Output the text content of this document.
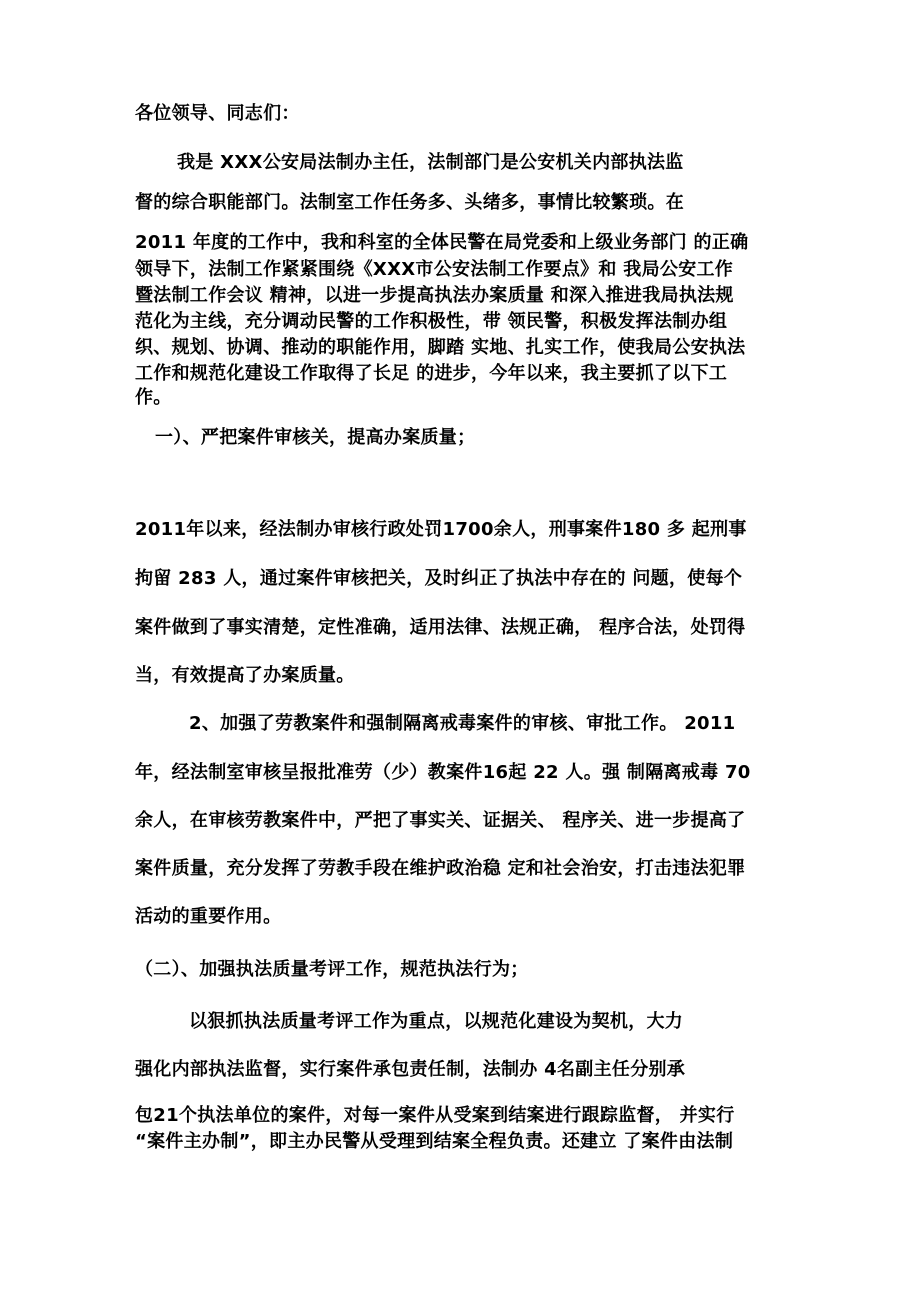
各位领导、同志们：
我是 XXX公安局法制办主任，法制部门是公安机关内部执法监
督的综合职能部门。法制室工作任务多、头绪多，事情比较繁琐。在
2011 年度的工作中，我和科室的全体民警在局党委和上级业务部门 的正确
领导下，法制工作紧紧围绕《XXX市公安法制工作要点》和 我局公安工作
暨法制工作会议 精神，以进一步提高执法办案质量 和深入推进我局执法规
范化为主线，充分调动民警的工作积极性，带 领民警，积极发挥法制办组
织、规划、协调、推动的职能作用，脚踏 实地、扎实工作，使我局公安执法
工作和规范化建设工作取得了长足 的进步，今年以来，我主要抓了以下工
作。
一）、严把案件审核关，提高办案质量；
2011年以来，经法制办审核行政处罚1700余人，刑事案件180 多 起刑事
拘留 283 人，通过案件审核把关，及时纠正了执法中存在的 问题，使每个
案件做到了事实清楚，定性准确，适用法律、法规正确， 程序合法，处罚得
当，有效提高了办案质量。
2、加强了劳教案件和强制隔离戒毒案件的审核、审批工作。 2011
年，经法制室审核呈报批准劳（少）教案件16起 22 人。强 制隔离戒毒 70
余人，在审核劳教案件中，严把了事实关、证据关、 程序关、进一步提高了
案件质量，充分发挥了劳教手段在维护政治稳 定和社会治安，打击违法犯罪
活动的重要作用。
（二）、加强执法质量考评工作，规范执法行为；
以狠抓执法质量考评工作为重点，以规范化建设为契机，大力
强化内部执法监督，实行案件承包责任制，法制办 4名副主任分别承
包21个执法单位的案件，对每一案件从受案到结案进行跟踪监督， 并实行
“案件主办制”，即主办民警从受理到结案全程负责。还建立 了案件由法制
